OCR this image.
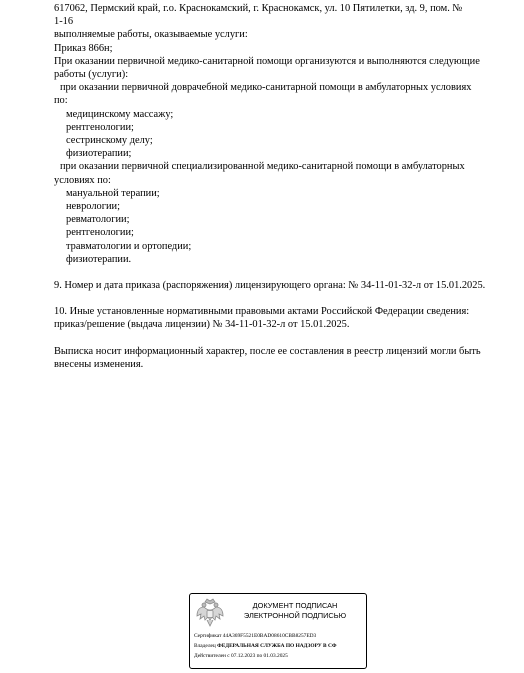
617062, Пермский край, г.о. Краснокамский, г. Краснокамск, ул. 10 Пятилетки, зд. 9, пом. №

1-16

выполняемые работы, оказываемые услуги:

Приказ 866н;

При оказании первичной медико-санитарной помощи организуются и выполняются следующие

работы (услуги):

при оказании первичной доврачебной медико-санитарной помощи в амбулаторных условиях

по:

медицинскому массажу;

рентгенологии;

сестринскому делу;

физиотерапии;

при оказании первичной специализированной медико-санитарной помощи в амбулаторных

условиях по:

мануальной терапии;

неврологии;

ревматологии;

рентгенологии;

травматологии и ортопедии;

физиотерапии.

9. Номер и дата приказа (распоряжения) лицензирующего органа: № 34-11-01-32-л от 15.01.2025.

10. Иные установленные нормативными правовыми актами Российской Федерации сведения:

приказ/решение (выдача лицензии) № 34-11-01-32-л от 15.01.2025.

Выписка носит информационный характер, после ее составления в реестр лицензий могли быть

внесены изменения.

ДОКУМЕНТ ПОДПИСАН
ЭЛЕКТРОННОЙ ПОДПИСЬЮ
Сертификат 44A369F5521E0BAD08610CBB8257ED3
Владелец ФЕДЕРАЛЬНАЯ СЛУЖБА ПО НАДЗОРУ В СФ
Действителен с 07.12.2023 по 01.03.2025
